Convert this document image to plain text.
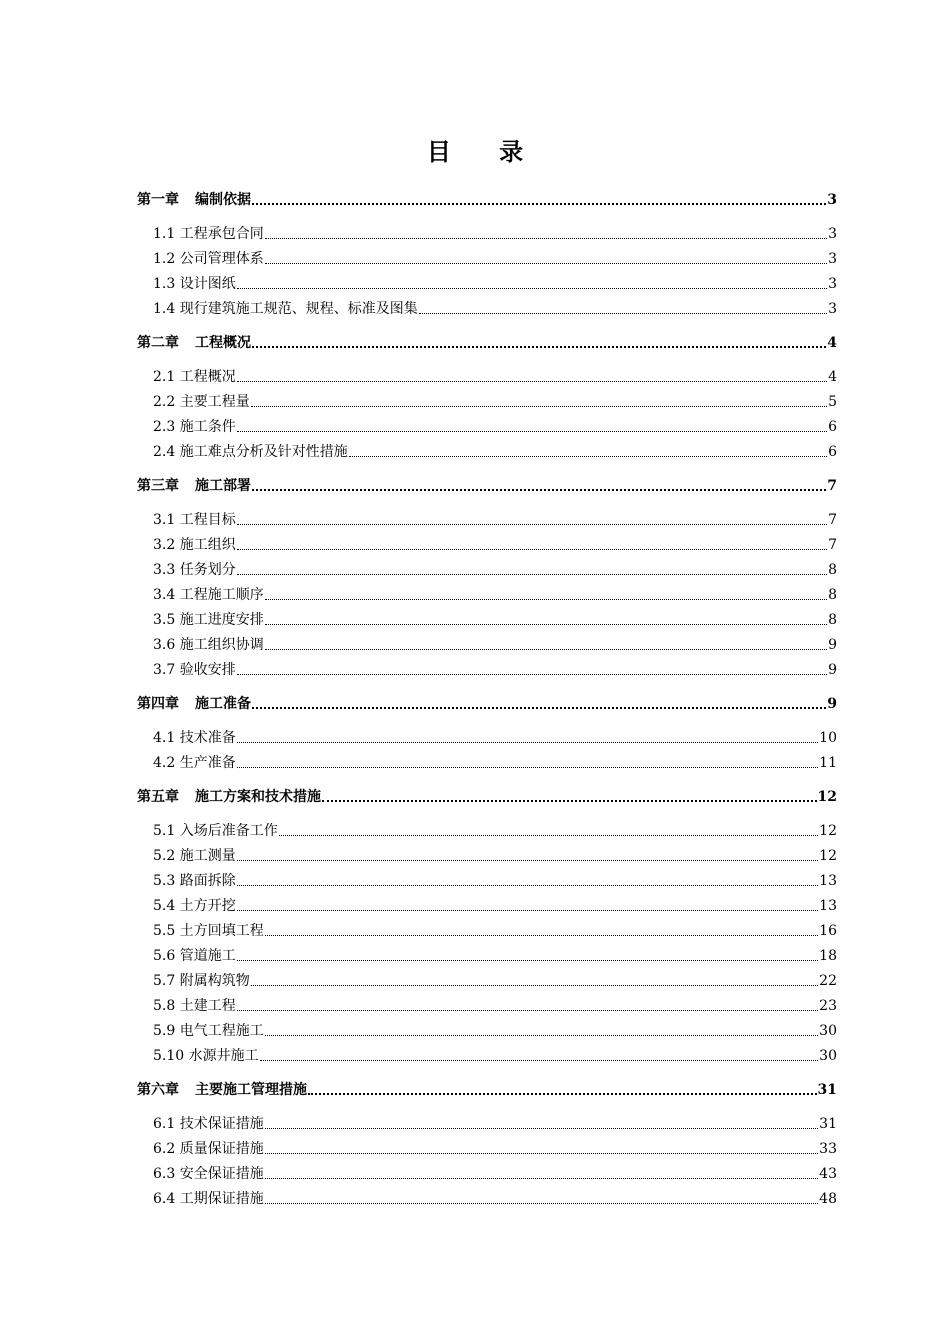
目 录
第一章 编制依据	3
1.1 工程承包合同	3
1.2 公司管理体系	3
1.3 设计图纸	3
1.4 现行建筑施工规范、规程、标准及图集	3
第二章 工程概况	4
2.1 工程概况	4
2.2 主要工程量	5
2.3 施工条件	6
2.4 施工难点分析及针对性措施	6
第三章 施工部署	7
3.1 工程目标	7
3.2 施工组织	7
3.3 任务划分	8
3.4 工程施工顺序	8
3.5 施工进度安排	8
3.6 施工组织协调	9
3.7 验收安排	9
第四章 施工准备	9
4.1 技术准备	10
4.2 生产准备	11
第五章 施工方案和技术措施	12
5.1 入场后准备工作	12
5.2 施工测量	12
5.3 路面拆除	13
5.4 土方开挖	13
5.5 土方回填工程	16
5.6 管道施工	18
5.7 附属构筑物	22
5.8 土建工程	23
5.9 电气工程施工	30
5.10 水源井施工	30
第六章 主要施工管理措施	31
6.1 技术保证措施	31
6.2 质量保证措施	33
6.3 安全保证措施	43
6.4 工期保证措施	48
